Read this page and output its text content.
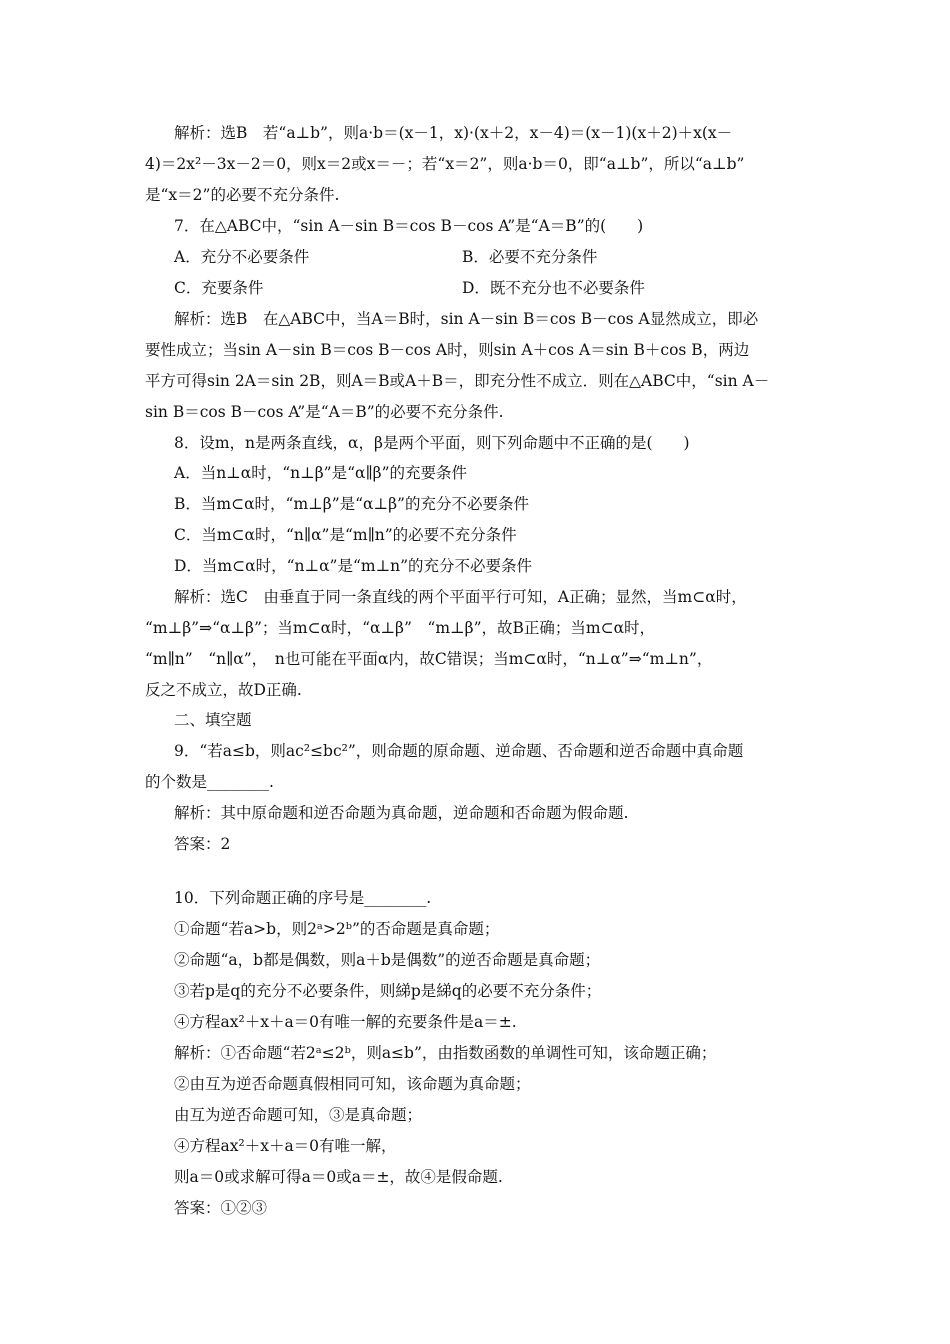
解析：选B　若“a⊥b”，则a·b＝(x－1，x)·(x＋2，x－4)＝(x－1)(x＋2)＋x(x－
4)＝2x²－3x－2＝0，则x＝2或x＝－；若“x＝2”，则a·b＝0，即“a⊥b”，所以“a⊥b”
是“x＝2”的必要不充分条件.
7．在△ABC中，“sin A－sin B＝cos B－cos A”是“A＝B”的(　　)
A．充分不必要条件	B．必要不充分条件
C．充要条件	D．既不充分也不必要条件
解析：选B　在△ABC中，当A＝B时，sin A－sin B＝cos B－cos A显然成立，即必
要性成立；当sin A－sin B＝cos B－cos A时，则sin A＋cos A＝sin B＋cos B，两边
平方可得sin 2A＝sin 2B，则A＝B或A＋B＝，即充分性不成立．则在△ABC中，“sin A－
sin B＝cos B－cos A”是“A＝B”的必要不充分条件.
8．设m，n是两条直线，α，β是两个平面，则下列命题中不正确的是(　　)
A．当n⊥α时，“n⊥β”是“α∥β”的充要条件
B．当m⊂α时，“m⊥β”是“α⊥β”的充分不必要条件
C．当m⊂α时，“n∥α”是“m∥n”的必要不充分条件
D．当m⊂α时，“n⊥α”是“m⊥n”的充分不必要条件
解析：选C　由垂直于同一条直线的两个平面平行可知，A正确；显然，当m⊂α时，
“m⊥β”⇒“α⊥β”；当m⊂α时，“α⊥β”　“m⊥β”，故B正确；当m⊂α时，
“m∥n”　“n∥α”，　n也可能在平面α内，故C错误；当m⊂α时，“n⊥α”⇒“m⊥n”，
反之不成立，故D正确.
二、填空题
9．“若a≤b，则ac²≤bc²”，则命题的原命题、逆命题、否命题和逆否命题中真命题
的个数是________.
解析：其中原命题和逆否命题为真命题，逆命题和否命题为假命题.
答案：2
10．下列命题正确的序号是________.
①命题“若a>b，则2ᵃ>2ᵇ”的否命题是真命题；
②命题“a，b都是偶数，则a＋b是偶数”的逆否命题是真命题；
③若p是q的充分不必要条件，则綈p是綈q的必要不充分条件；
④方程ax²＋x＋a＝0有唯一解的充要条件是a＝±.
解析：①否命题“若2ᵃ≤2ᵇ，则a≤b”，由指数函数的单调性可知，该命题正确；
②由互为逆否命题真假相同可知，该命题为真命题；
由互为逆否命题可知，③是真命题；
④方程ax²＋x＋a＝0有唯一解，
则a＝0或求解可得a＝0或a＝±，故④是假命题.
答案：①②③
